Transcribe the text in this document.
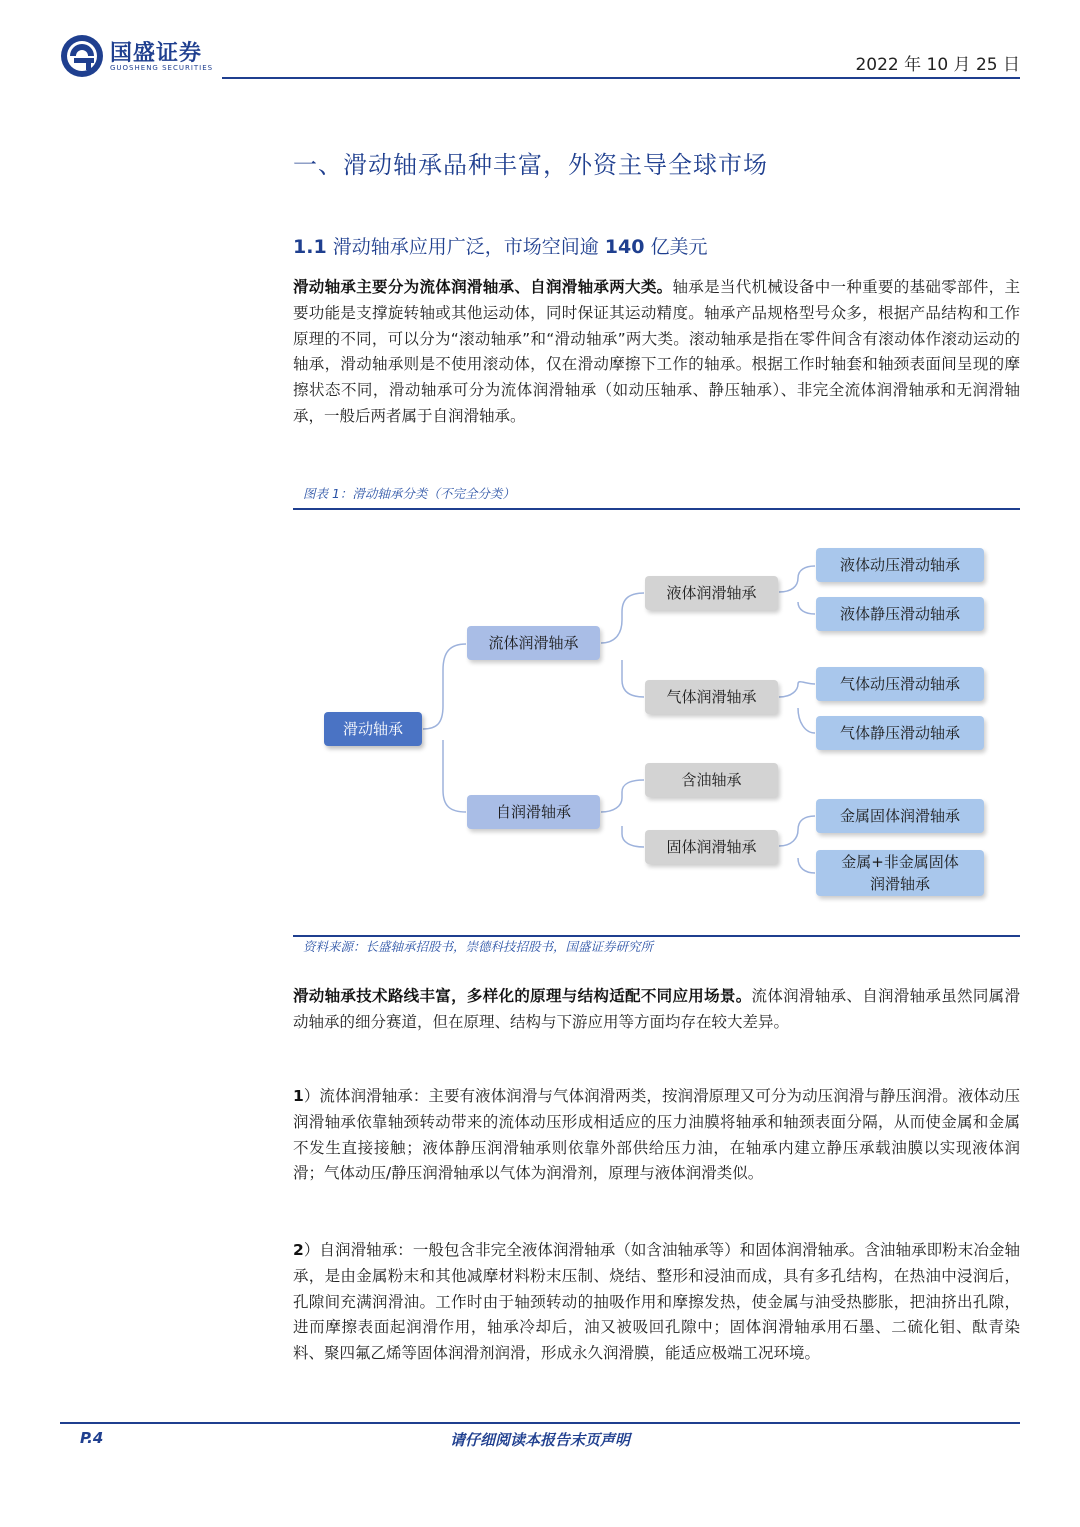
国盛证券
GUOSHENG SECURITIES	2022 年 10 月 25 日
一、滑动轴承品种丰富，外资主导全球市场
1.1 滑动轴承应用广泛，市场空间逾 140 亿美元
滑动轴承主要分为流体润滑轴承、自润滑轴承两大类。轴承是当代机械设备中一种重要的基础零部件，主要功能是支撑旋转轴或其他运动体，同时保证其运动精度。轴承产品规格型号众多，根据产品结构和工作原理的不同，可以分为“滚动轴承”和“滑动轴承”两大类。滚动轴承是指在零件间含有滚动体作滚动运动的轴承，滑动轴承则是不使用滚动体，仅在滑动摩擦下工作的轴承。根据工作时轴套和轴颈表面间呈现的摩擦状态不同，滑动轴承可分为流体润滑轴承（如动压轴承、静压轴承）、非完全流体润滑轴承和无润滑轴承，一般后两者属于自润滑轴承。
图表 1：滑动轴承分类（不完全分类）
滑动轴承
流体润滑轴承
自润滑轴承
液体润滑轴承
气体润滑轴承
含油轴承
固体润滑轴承
液体动压滑动轴承
液体静压滑动轴承
气体动压滑动轴承
气体静压滑动轴承
金属固体润滑轴承
金属+非金属固体
润滑轴承
资料来源：长盛轴承招股书，崇德科技招股书，国盛证券研究所
滑动轴承技术路线丰富，多样化的原理与结构适配不同应用场景。流体润滑轴承、自润滑轴承虽然同属滑动轴承的细分赛道，但在原理、结构与下游应用等方面均存在较大差异。
1）流体润滑轴承：主要有液体润滑与气体润滑两类，按润滑原理又可分为动压润滑与静压润滑。液体动压润滑轴承依靠轴颈转动带来的流体动压形成相适应的压力油膜将轴承和轴颈表面分隔，从而使金属和金属不发生直接接触；液体静压润滑轴承则依靠外部供给压力油，在轴承内建立静压承载油膜以实现液体润滑；气体动压/静压润滑轴承以气体为润滑剂，原理与液体润滑类似。
2）自润滑轴承：一般包含非完全液体润滑轴承（如含油轴承等）和固体润滑轴承。含油轴承即粉末冶金轴承，是由金属粉末和其他减摩材料粉末压制、烧结、整形和浸油而成，具有多孔结构，在热油中浸润后，孔隙间充满润滑油。工作时由于轴颈转动的抽吸作用和摩擦发热，使金属与油受热膨胀，把油挤出孔隙，进而摩擦表面起润滑作用，轴承冷却后，油又被吸回孔隙中；固体润滑轴承用石墨、二硫化钼、酞青染料、聚四氟乙烯等固体润滑剂润滑，形成永久润滑膜，能适应极端工况环境。
请仔细阅读本报告末页声明
P.4
